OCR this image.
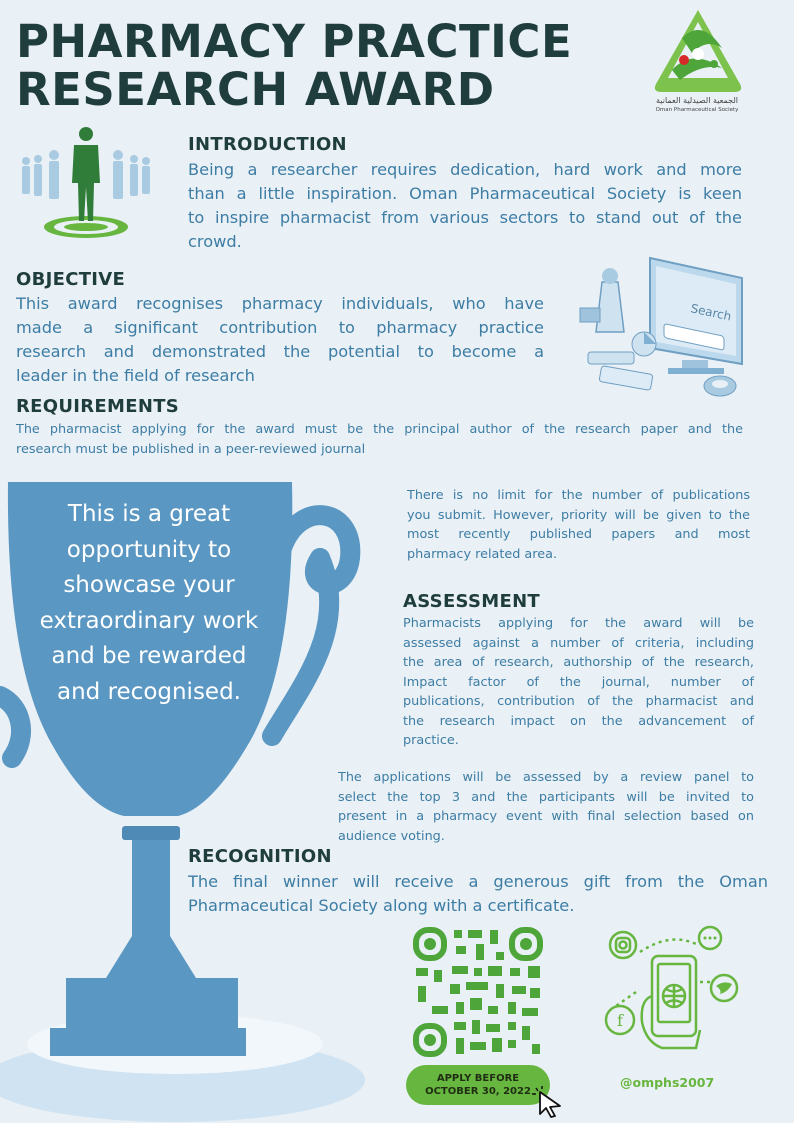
PHARMACY PRACTICE
RESEARCH AWARD	الجمعية الصيدلية العمانية
Oman Pharmaceutical Society
INTRODUCTION
Being a researcher requires dedication, hard work and more
than a little inspiration. Oman Pharmaceutical Society is keen
to inspire pharmacist from various sectors to stand out of the
crowd.
OBJECTIVE
This award recognises pharmacy individuals, who have
made a significant contribution to pharmacy practice
research and demonstrated the potential to become a
leader in the field of research
Search
REQUIREMENTS
The pharmacist applying for the award must be the principal author of the research paper and the
research must be published in a peer-reviewed journal
This is a great
opportunity to
showcase your
extraordinary work
and be rewarded
and recognised.
There is no limit for the number of publications
you submit. However, priority will be given to the
most recently published papers and most
pharmacy related area.
ASSESSMENT
Pharmacists applying for the award will be
assessed against a number of criteria, including
the area of research, authorship of the research,
Impact factor of the journal, number of
publications, contribution of the pharmacist and
the research impact on the advancement of
practice.
The applications will be assessed by a review panel to
select the top 3 and the participants will be invited to
present in a pharmacy event with final selection based on
audience voting.
RECOGNITION
The final winner will receive a generous gift from the Oman
Pharmaceutical Society along with a certificate.
APPLY BEFORE
OCTOBER 30, 2022
f
@omphs2007
